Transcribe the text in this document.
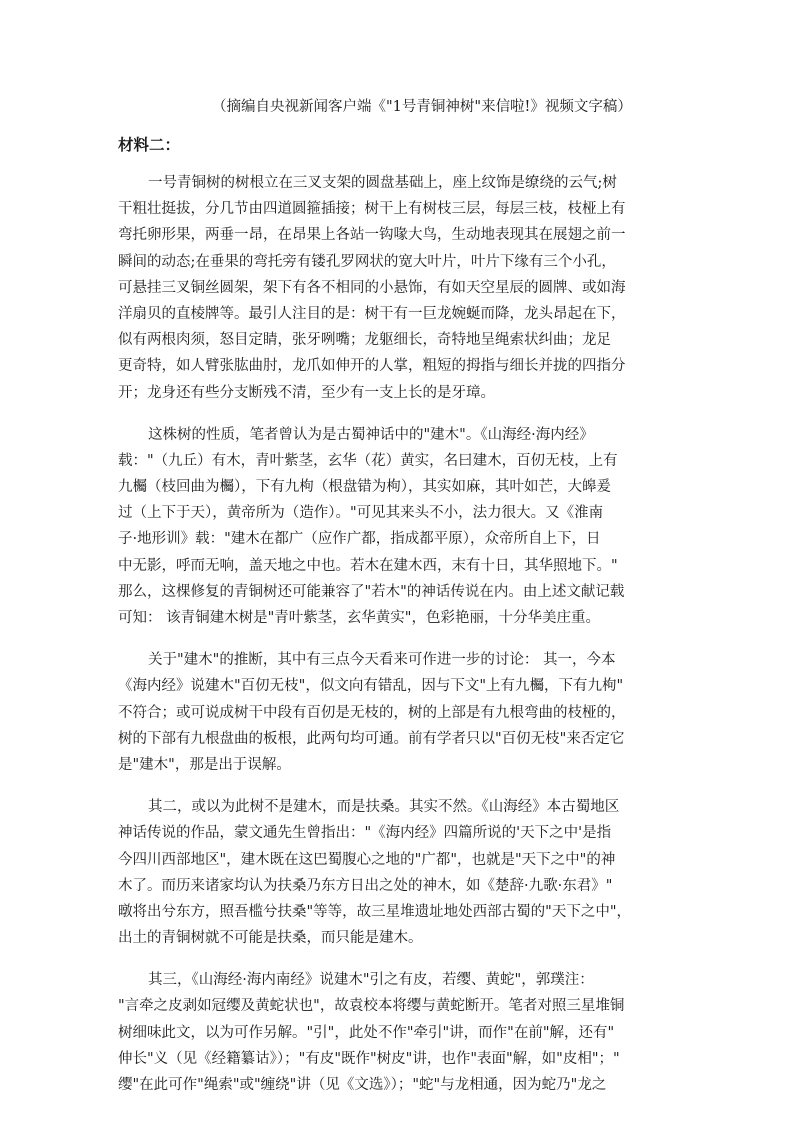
（摘编自央视新闻客户端《"1号青铜神树"来信啦!》视频文字稿）
材料二：
一号青铜树的树根立在三叉支架的圆盘基础上，座上纹饰是缭绕的云气;树
干粗壮挺拔，分几节由四道圆箍插接；树干上有树枝三层，每层三枝，枝桠上有
弯托卵形果，两垂一昂，在昂果上各站一钩喙大鸟，生动地表现其在展翅之前一
瞬间的动态;在垂果的弯托旁有镂孔罗网状的宽大叶片，叶片下缘有三个小孔，
可悬挂三叉铜丝圆架，架下有各不相同的小悬饰，有如天空星辰的圆牌、或如海
洋扇贝的直棱牌等。最引人注目的是：树干有一巨龙婉蜒而降，龙头昂起在下，
似有两根肉须，怒目定睛，张牙咧嘴；龙躯细长，奇特地呈绳索状纠曲；龙足
更奇特，如人臂张肱曲肘，龙爪如伸开的人掌，粗短的拇指与细长并拢的四指分
开；龙身还有些分支断残不清，至少有一支上长的是牙璋。
这株树的性质，笔者曾认为是古蜀神话中的"建木"。《山海经·海内经》
载："（九丘）有木，青叶紫茎，玄华（花）黄实，名曰建木，百仞无枝，上有
九欘（枝回曲为欘），下有九枸（根盘错为枸），其实如麻，其叶如芒，大皞爰
过（上下于天），黄帝所为（造作）。"可见其来头不小，法力很大。又《淮南
子·地形训》载："建木在都广（应作广都，指成都平原），众帝所自上下，日
中无影，呼而无响，盖天地之中也。若木在建木西，末有十日，其华照地下。"
那么，这棵修复的青铜树还可能兼容了"若木"的神话传说在内。由上述文献记载
可知： 该青铜建木树是"青叶紫茎，玄华黄实"，色彩艳丽，十分华美庄重。
关于"建木"的推断，其中有三点今天看来可作进一步的讨论： 其一，今本
《海内经》说建木"百仞无枝"，似文向有错乱，因与下文"上有九欘，下有九枸"
不符合；或可说成树干中段有百仞是无枝的，树的上部是有九根弯曲的枝桠的，
树的下部有九根盘曲的板根，此两句均可通。前有学者只以"百仞无枝"来否定它
是"建木"，那是出于误解。
其二，或以为此树不是建木，而是扶桑。其实不然。《山海经》本古蜀地区
神话传说的作品，蒙文通先生曾指出："《海内经》四篇所说的'天下之中'是指
今四川西部地区"，建木既在这巴蜀腹心之地的"广都"，也就是"天下之中"的神
木了。而历来诸家均认为扶桑乃东方日出之处的神木，如《楚辞·九歌·东君》"
暾将出兮东方，照吾槛兮扶桑"等等，故三星堆遗址地处西部古蜀的"天下之中"，
出土的青铜树就不可能是扶桑，而只能是建木。
其三，《山海经·海内南经》说建木"引之有皮，若缨、黄蛇"，郭璞注：
"言牵之皮剥如冠缨及黄蛇状也"，故袁校本将缨与黄蛇断开。笔者对照三星堆铜
树细味此文，以为可作另解。"引"，此处不作"牵引"讲，而作"在前"解，还有"
伸长"义（见《经籍纂诂》）；"有皮"既作"树皮"讲，也作"表面"解，如"皮相"；"
缨"在此可作"绳索"或"缠绕"讲（见《文选》）；"蛇"与龙相通，因为蛇乃"龙之
